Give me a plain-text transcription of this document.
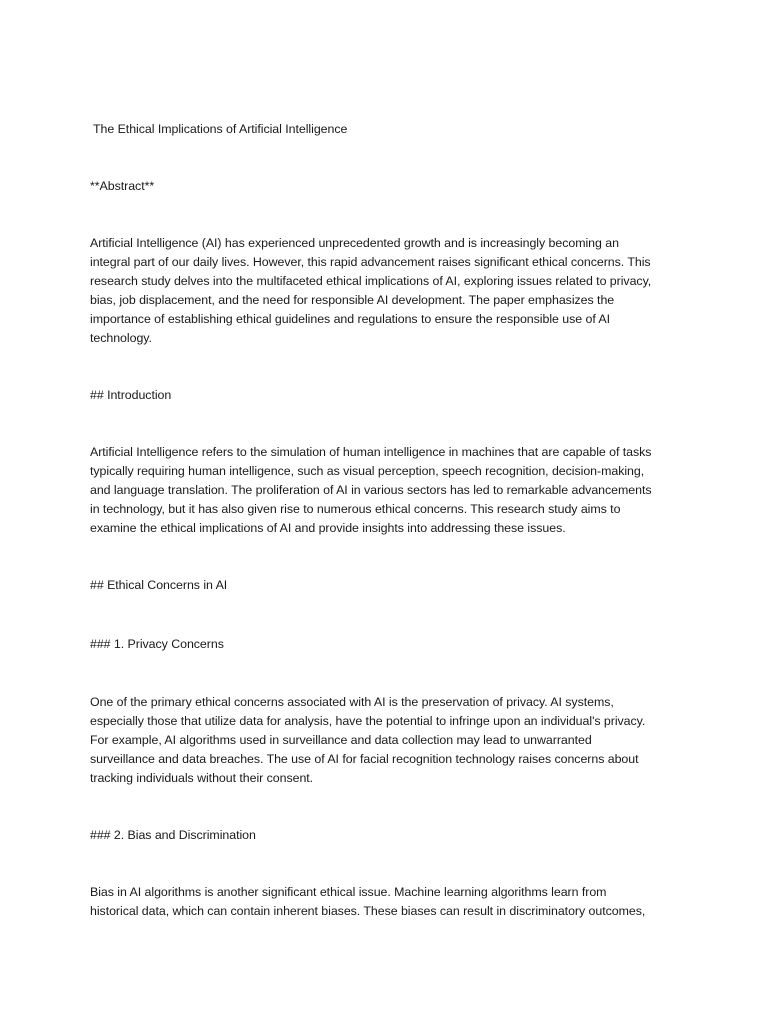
The Ethical Implications of Artificial Intelligence
**Abstract**

Artificial Intelligence (AI) has experienced unprecedented growth and is increasingly becoming an

integral part of our daily lives. However, this rapid advancement raises significant ethical concerns. This

research study delves into the multifaceted ethical implications of AI, exploring issues related to privacy,

bias, job displacement, and the need for responsible AI development. The paper emphasizes the

importance of establishing ethical guidelines and regulations to ensure the responsible use of AI

technology.

## Introduction

Artificial Intelligence refers to the simulation of human intelligence in machines that are capable of tasks

typically requiring human intelligence, such as visual perception, speech recognition, decision-making,

and language translation. The proliferation of AI in various sectors has led to remarkable advancements

in technology, but it has also given rise to numerous ethical concerns. This research study aims to

examine the ethical implications of AI and provide insights into addressing these issues.

## Ethical Concerns in AI
### 1. Privacy Concerns

One of the primary ethical concerns associated with AI is the preservation of privacy. AI systems,

especially those that utilize data for analysis, have the potential to infringe upon an individual's privacy.

For example, AI algorithms used in surveillance and data collection may lead to unwarranted

surveillance and data breaches. The use of AI for facial recognition technology raises concerns about

tracking individuals without their consent.

### 2. Bias and Discrimination

Bias in AI algorithms is another significant ethical issue. Machine learning algorithms learn from

historical data, which can contain inherent biases. These biases can result in discriminatory outcomes,
